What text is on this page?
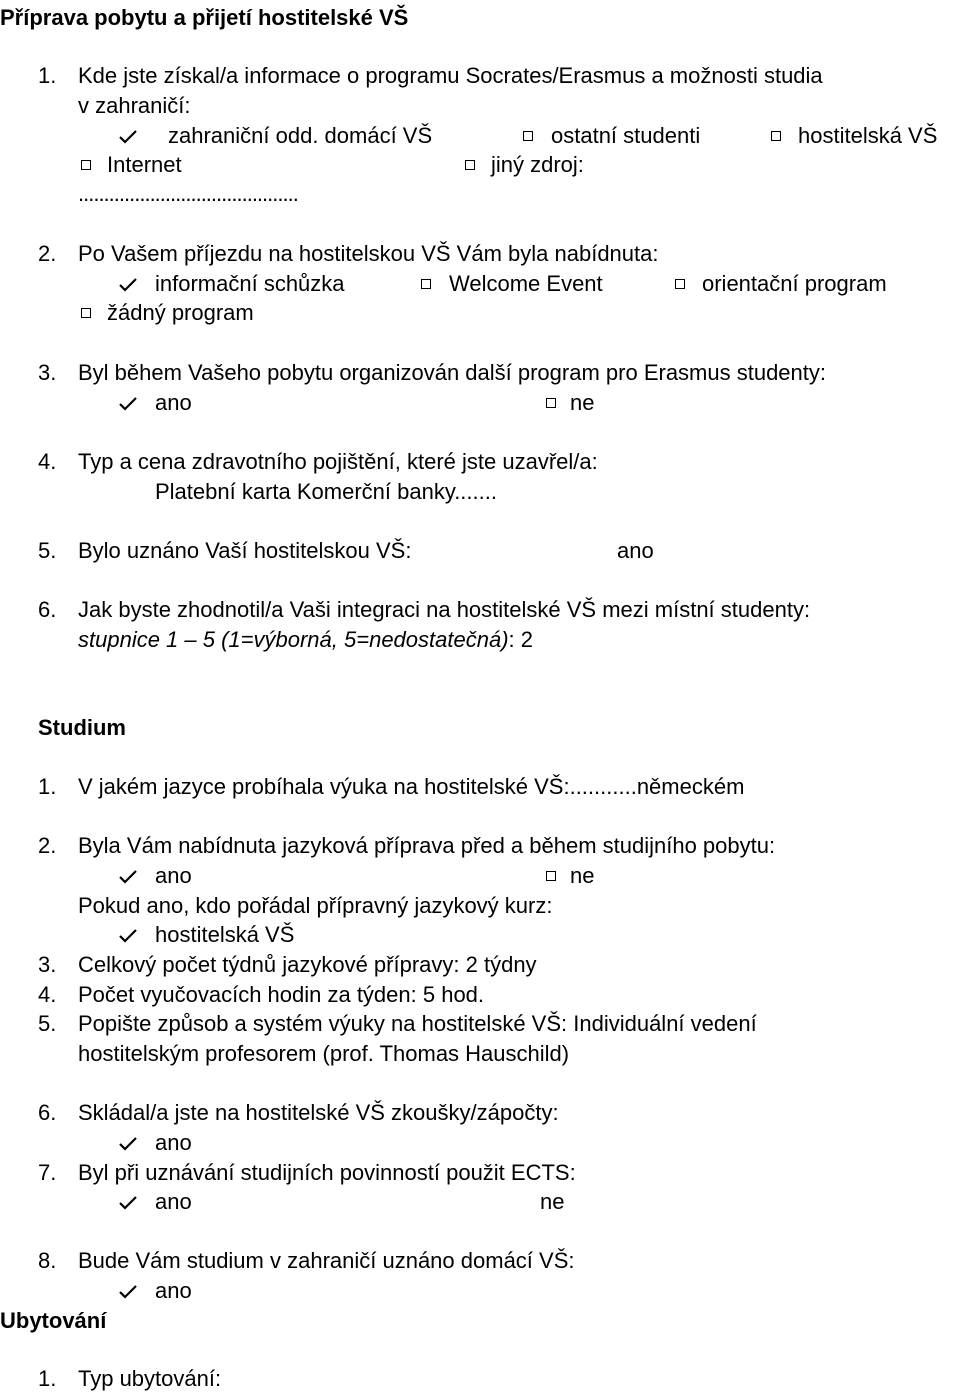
Příprava pobytu a přijetí hostitelské VŠ
1. Kde jste získal/a informace o programu Socrates/Erasmus a možnosti studia
v zahraničí:
zahraniční odd. domácí VŠ	ostatní studenti	hostitelská VŠ
Internet	jiný zdroj:
...........................................
2. Po Vašem příjezdu na hostitelskou VŠ Vám byla nabídnuta:
informační schůzka	Welcome Event	orientační program
žádný program
3. Byl během Vašeho pobytu organizován další program pro Erasmus studenty:
ano	ne
4. Typ a cena zdravotního pojištění, které jste uzavřel/a:
Platební karta Komerční banky.......
5. Bylo uznáno Vaší hostitelskou VŠ:	ano
6. Jak byste zhodnotil/a Vaši integraci na hostitelské VŠ mezi místní studenty:
stupnice 1 – 5 (1=výborná, 5=nedostatečná): 2
Studium
1. V jakém jazyce probíhala výuka na hostitelské VŠ:...........německém
2. Byla Vám nabídnuta jazyková příprava před a během studijního pobytu:
ano	ne
Pokud ano, kdo pořádal přípravný jazykový kurz:
hostitelská VŠ
3. Celkový počet týdnů jazykové přípravy: 2 týdny
4. Počet vyučovacích hodin za týden: 5 hod.
5. Popište způsob a systém výuky na hostitelské VŠ: Individuální vedení
hostitelským profesorem (prof. Thomas Hauschild)
6. Skládal/a jste na hostitelské VŠ zkoušky/zápočty:
ano
7. Byl při uznávání studijních povinností použit ECTS:
ano	ne
8. Bude Vám studium v zahraničí uznáno domácí VŠ:
ano
Ubytování
1. Typ ubytování:
